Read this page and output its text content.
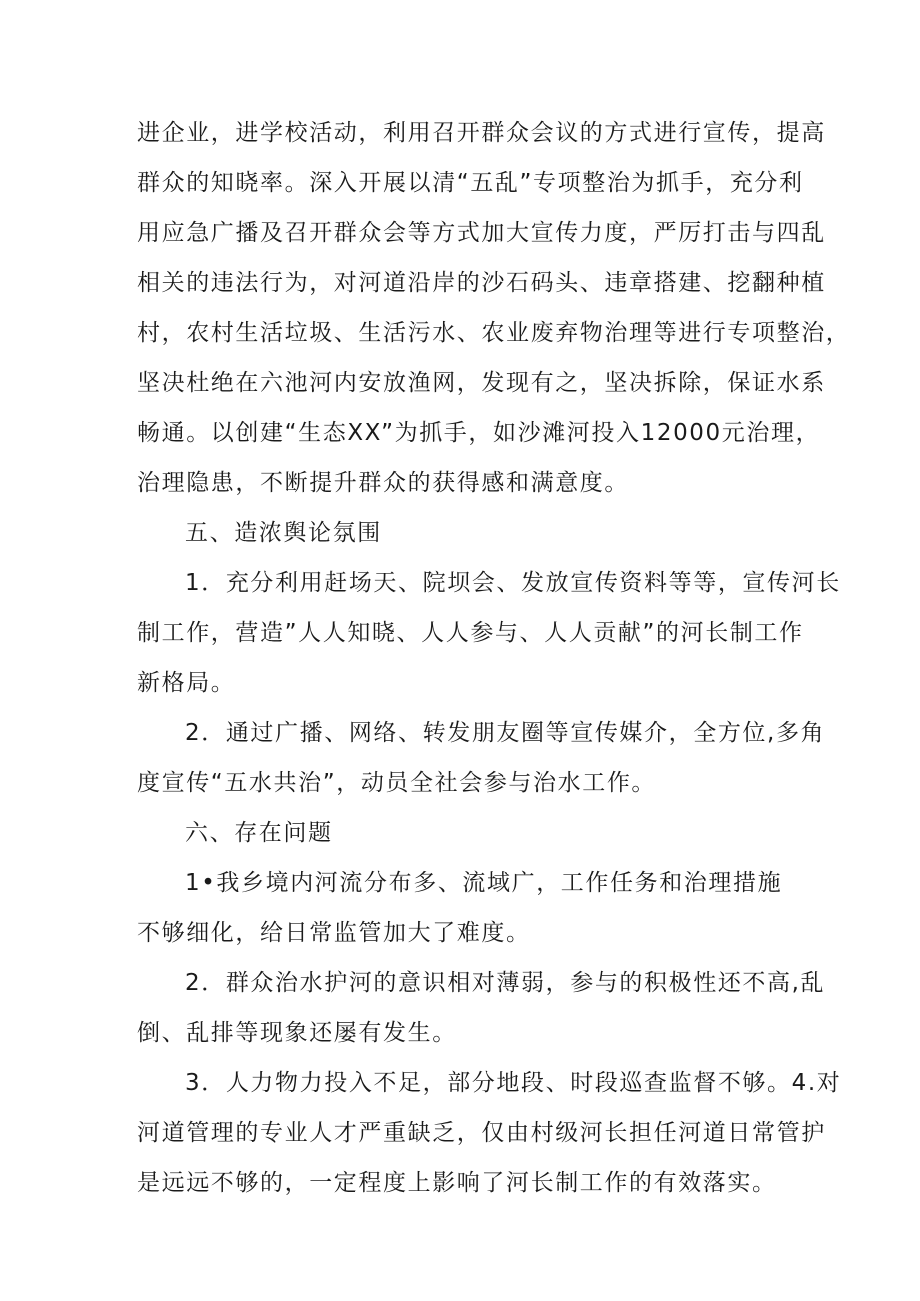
进企业，进学校活动，利用召开群众会议的方式进行宣传，提高
群众的知晓率。深入开展以清“五乱”专项整治为抓手，充分利
用应急广播及召开群众会等方式加大宣传力度，严厉打击与四乱
相关的违法行为，对河道沿岸的沙石码头、违章搭建、挖翻种植
村，农村生活垃圾、生活污水、农业废弃物治理等进行专项整治，
坚决杜绝在六池河内安放渔网，发现有之，坚决拆除，保证水系
畅通。以创建“生态XX”为抓手，如沙滩河投入12000元治理，
治理隐患，不断提升群众的获得感和满意度。
五、造浓舆论氛围
1．充分利用赶场天、院坝会、发放宣传资料等等，宣传河长
制工作，营造”人人知晓、人人参与、人人贡献”的河长制工作
新格局。
2．通过广播、网络、转发朋友圈等宣传媒介，全方位,多角
度宣传“五水共治”，动员全社会参与治水工作。
六、存在问题
1•我乡境内河流分布多、流域广，工作任务和治理措施
不够细化，给日常监管加大了难度。
2．群众治水护河的意识相对薄弱，参与的积极性还不高,乱
倒、乱排等现象还屡有发生。
3．人力物力投入不足，部分地段、时段巡查监督不够。4.对
河道管理的专业人才严重缺乏，仅由村级河长担任河道日常管护
是远远不够的，一定程度上影响了河长制工作的有效落实。
